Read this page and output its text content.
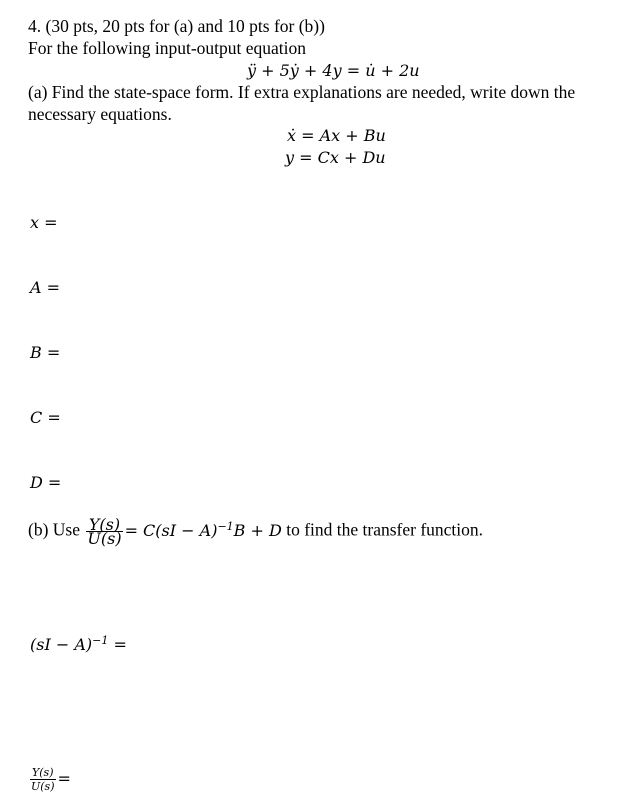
4. (30 pts, 20 pts for (a) and 10 pts for (b))
For the following input-output equation
ÿ + 5ẏ + 4y = u̇ + 2u
(a) Find the state-space form. If extra explanations are needed, write down the
necessary equations.
ẋ = Ax + Bu
y = Cx + Du
x =
A =
B =
C =
D =
(b) Use $\frac{Y(s)}{U(s)} = C(sI - A)^{-1}B + D$ to find the transfer function.
(sI − A)$^{-1}$ =
$\frac{Y(s)}{U(s)}$ =
